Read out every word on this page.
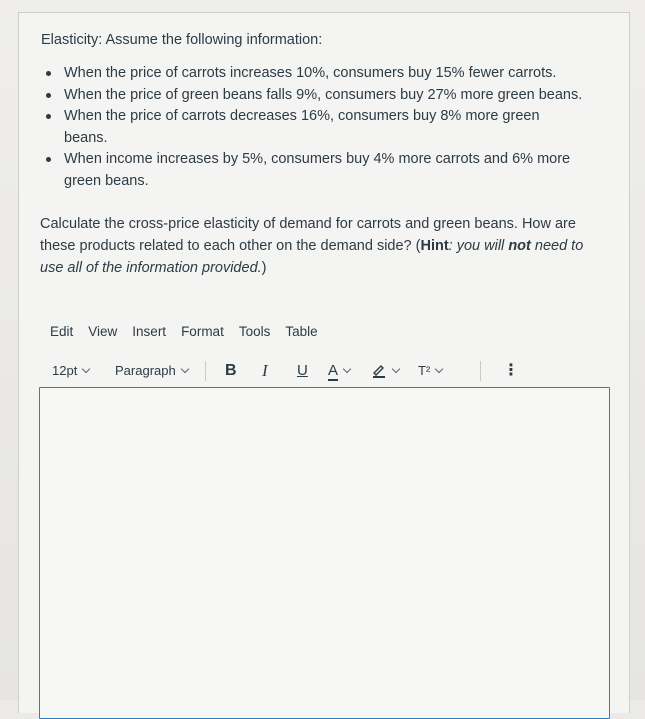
Elasticity: Assume the following information:

When the price of carrots increases 10%, consumers buy 15% fewer carrots.
When the price of green beans falls 9%, consumers buy 27% more green beans.
When the price of carrots decreases 16%, consumers buy 8% more green beans.
When income increases by 5%, consumers buy 4% more carrots and 6% more green beans.

Calculate the cross-price elasticity of demand for carrots and green beans. How are these products related to each other on the demand side? (Hint: you will not need to use all of the information provided.)

Edit View Insert Format Tools Table
12pt	Paragraph	B I U A	T²	⋮
